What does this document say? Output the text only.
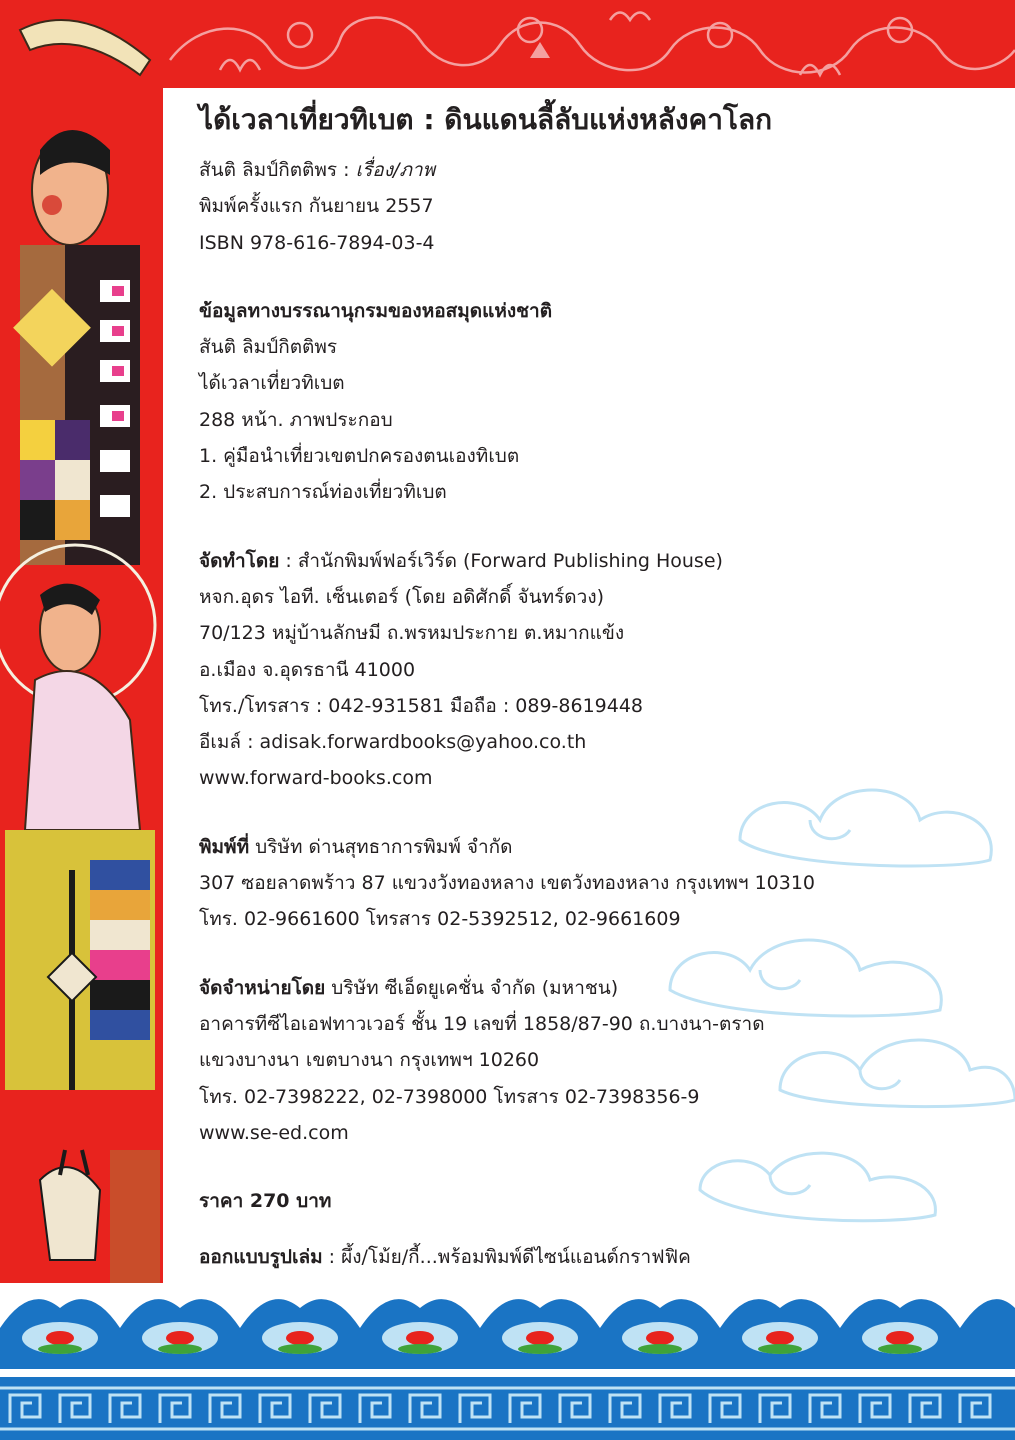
ได้เวลาเที่ยวทิเบต : ดินแดนลี้ลับแห่งหลังคาโลก
สันติ ลิมป์กิตติพร : เรื่อง/ภาพ
พิมพ์ครั้งแรก กันยายน 2557
ISBN 978-616-7894-03-4
ข้อมูลทางบรรณานุกรมของหอสมุดแห่งชาติ
สันติ ลิมป์กิตติพร
ได้เวลาเที่ยวทิเบต
288 หน้า. ภาพประกอบ
1. คู่มือนำเที่ยวเขตปกครองตนเองทิเบต
2. ประสบการณ์ท่องเที่ยวทิเบต
จัดทำโดย : สำนักพิมพ์ฟอร์เวิร์ด (Forward Publishing House)
หจก.อุดร ไอที. เซ็นเตอร์ (โดย อดิศักดิ์ จันทร์ดวง)
70/123 หมู่บ้านลักษมี ถ.พรหมประกาย ต.หมากแข้ง
อ.เมือง จ.อุดรธานี 41000
โทร./โทรสาร : 042-931581 มือถือ : 089-8619448
อีเมล์ : adisak.forwardbooks@yahoo.co.th
www.forward-books.com
พิมพ์ที่ บริษัท ด่านสุทธาการพิมพ์ จำกัด
307 ซอยลาดพร้าว 87 แขวงวังทองหลาง เขตวังทองหลาง กรุงเทพฯ 10310
โทร. 02-9661600 โทรสาร 02-5392512, 02-9661609
จัดจำหน่ายโดย บริษัท ซีเอ็ดยูเคชั่น จำกัด (มหาชน)
อาคารทีซีไอเอฟทาวเวอร์ ชั้น 19 เลขที่ 1858/87-90 ถ.บางนา-ตราด
แขวงบางนา เขตบางนา กรุงเทพฯ 10260
โทร. 02-7398222, 02-7398000 โทรสาร 02-7398356-9
www.se-ed.com
ราคา 270 บาท
ออกแบบรูปเล่ม : ผึ้ง/โม้ย/กี้...พร้อมพิมพ์ดีไซน์แอนด์กราฟฟิค
